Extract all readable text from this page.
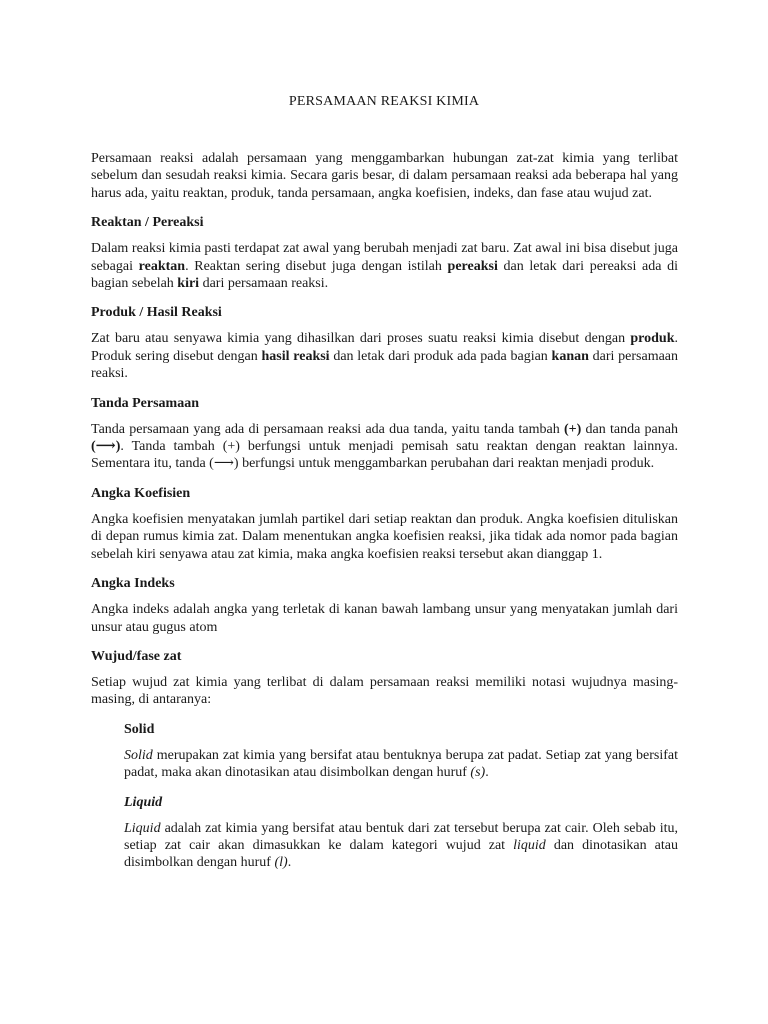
PERSAMAAN REAKSI KIMIA

Persamaan reaksi adalah persamaan yang menggambarkan hubungan zat-zat kimia yang terlibat sebelum dan sesudah reaksi kimia. Secara garis besar, di dalam persamaan reaksi ada beberapa hal yang harus ada, yaitu reaktan, produk, tanda persamaan, angka koefisien, indeks, dan fase atau wujud zat.

Reaktan / Pereaksi

Dalam reaksi kimia pasti terdapat zat awal yang berubah menjadi zat baru. Zat awal ini bisa disebut juga sebagai reaktan. Reaktan sering disebut juga dengan istilah pereaksi dan letak dari pereaksi ada di bagian sebelah kiri dari persamaan reaksi.

Produk / Hasil Reaksi

Zat baru atau senyawa kimia yang dihasilkan dari proses suatu reaksi kimia disebut dengan produk. Produk sering disebut dengan hasil reaksi dan letak dari produk ada pada bagian kanan dari persamaan reaksi.

Tanda Persamaan

Tanda persamaan yang ada di persamaan reaksi ada dua tanda, yaitu tanda tambah (+) dan tanda panah (⟶). Tanda tambah (+) berfungsi untuk menjadi pemisah satu reaktan dengan reaktan lainnya. Sementara itu, tanda (⟶) berfungsi untuk menggambarkan perubahan dari reaktan menjadi produk.

Angka Koefisien

Angka koefisien menyatakan jumlah partikel dari setiap reaktan dan produk. Angka koefisien dituliskan di depan rumus kimia zat. Dalam menentukan angka koefisien reaksi, jika tidak ada nomor pada bagian sebelah kiri senyawa atau zat kimia, maka angka koefisien reaksi tersebut akan dianggap 1.

Angka Indeks

Angka indeks adalah angka yang terletak di kanan bawah lambang unsur yang menyatakan jumlah dari unsur atau gugus atom

Wujud/fase zat

Setiap wujud zat kimia yang terlibat di dalam persamaan reaksi memiliki notasi wujudnya masing-masing, di antaranya:

Solid

Solid merupakan zat kimia yang bersifat atau bentuknya berupa zat padat. Setiap zat yang bersifat padat, maka akan dinotasikan atau disimbolkan dengan huruf (s).

Liquid

Liquid adalah zat kimia yang bersifat atau bentuk dari zat tersebut berupa zat cair. Oleh sebab itu, setiap zat cair akan dimasukkan ke dalam kategori wujud zat liquid dan dinotasikan atau disimbolkan dengan huruf (l).
